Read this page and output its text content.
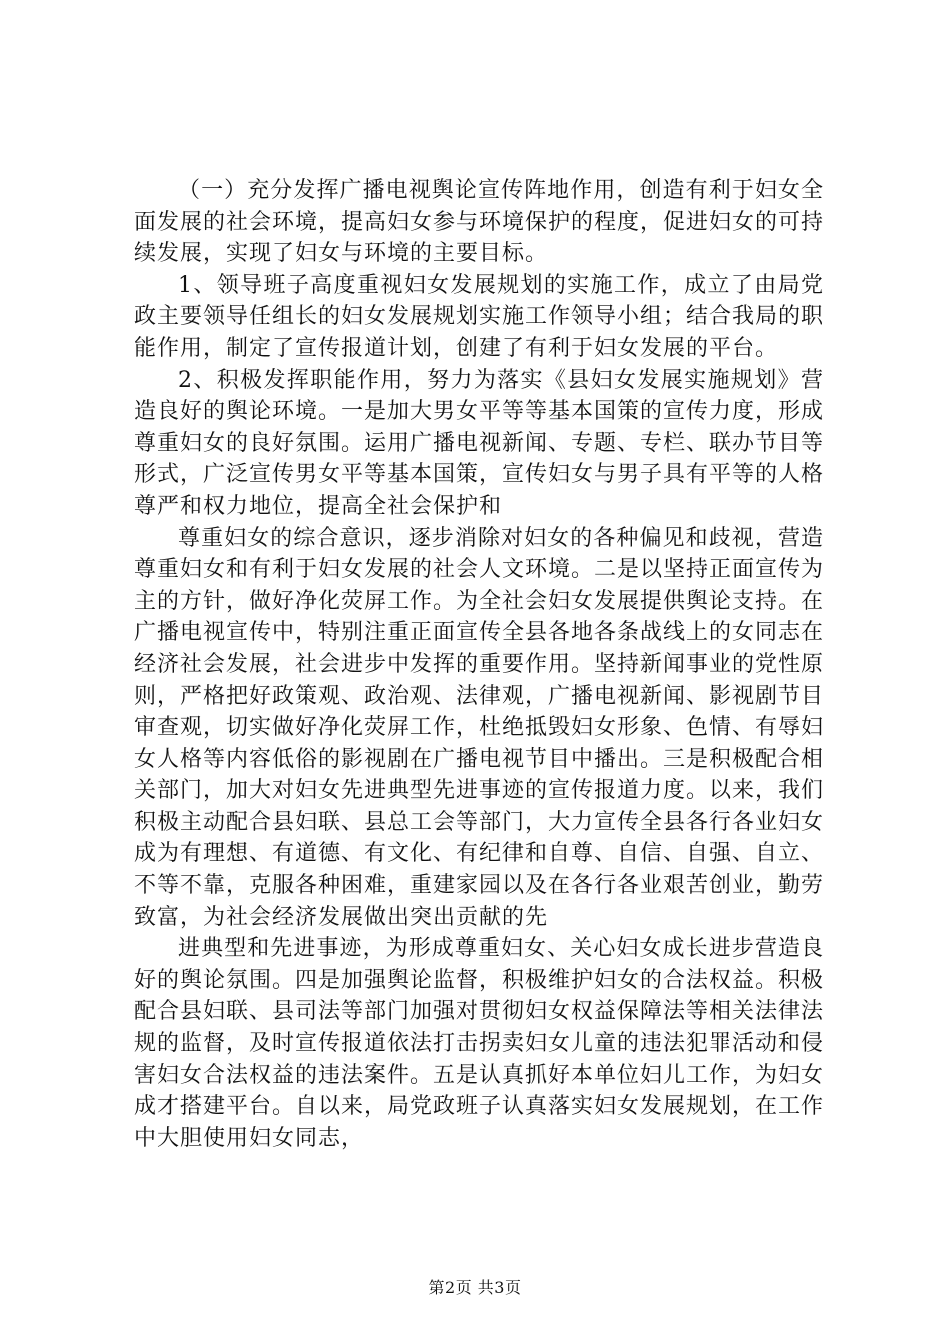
（一）充分发挥广播电视舆论宣传阵地作用，创造有利于妇女全面发展的社会环境，提高妇女参与环境保护的程度，促进妇女的可持续发展，实现了妇女与环境的主要目标。

1、领导班子高度重视妇女发展规划的实施工作，成立了由局党政主要领导任组长的妇女发展规划实施工作领导小组；结合我局的职能作用，制定了宣传报道计划，创建了有利于妇女发展的平台。

2、积极发挥职能作用，努力为落实《县妇女发展实施规划》营造良好的舆论环境。一是加大男女平等等基本国策的宣传力度，形成尊重妇女的良好氛围。运用广播电视新闻、专题、专栏、联办节目等形式，广泛宣传男女平等基本国策，宣传妇女与男子具有平等的人格尊严和权力地位，提高全社会保护和

尊重妇女的综合意识，逐步消除对妇女的各种偏见和歧视，营造尊重妇女和有利于妇女发展的社会人文环境。二是以坚持正面宣传为主的方针，做好净化荧屏工作。为全社会妇女发展提供舆论支持。在广播电视宣传中，特别注重正面宣传全县各地各条战线上的女同志在经济社会发展，社会进步中发挥的重要作用。坚持新闻事业的党性原则，严格把好政策观、政治观、法律观，广播电视新闻、影视剧节目审查观，切实做好净化荧屏工作，杜绝抵毁妇女形象、色情、有辱妇女人格等内容低俗的影视剧在广播电视节目中播出。三是积极配合相关部门，加大对妇女先进典型先进事迹的宣传报道力度。以来，我们积极主动配合县妇联、县总工会等部门，大力宣传全县各行各业妇女成为有理想、有道德、有文化、有纪律和自尊、自信、自强、自立、不等不靠，克服各种困难，重建家园以及在各行各业艰苦创业，勤劳致富，为社会经济发展做出突出贡献的先

进典型和先进事迹，为形成尊重妇女、关心妇女成长进步营造良好的舆论氛围。四是加强舆论监督，积极维护妇女的合法权益。积极配合县妇联、县司法等部门加强对贯彻妇女权益保障法等相关法律法规的监督，及时宣传报道依法打击拐卖妇女儿童的违法犯罪活动和侵害妇女合法权益的违法案件。五是认真抓好本单位妇儿工作，为妇女成才搭建平台。自以来，局党政班子认真落实妇女发展规划，在工作中大胆使用妇女同志，

第2页 共3页
